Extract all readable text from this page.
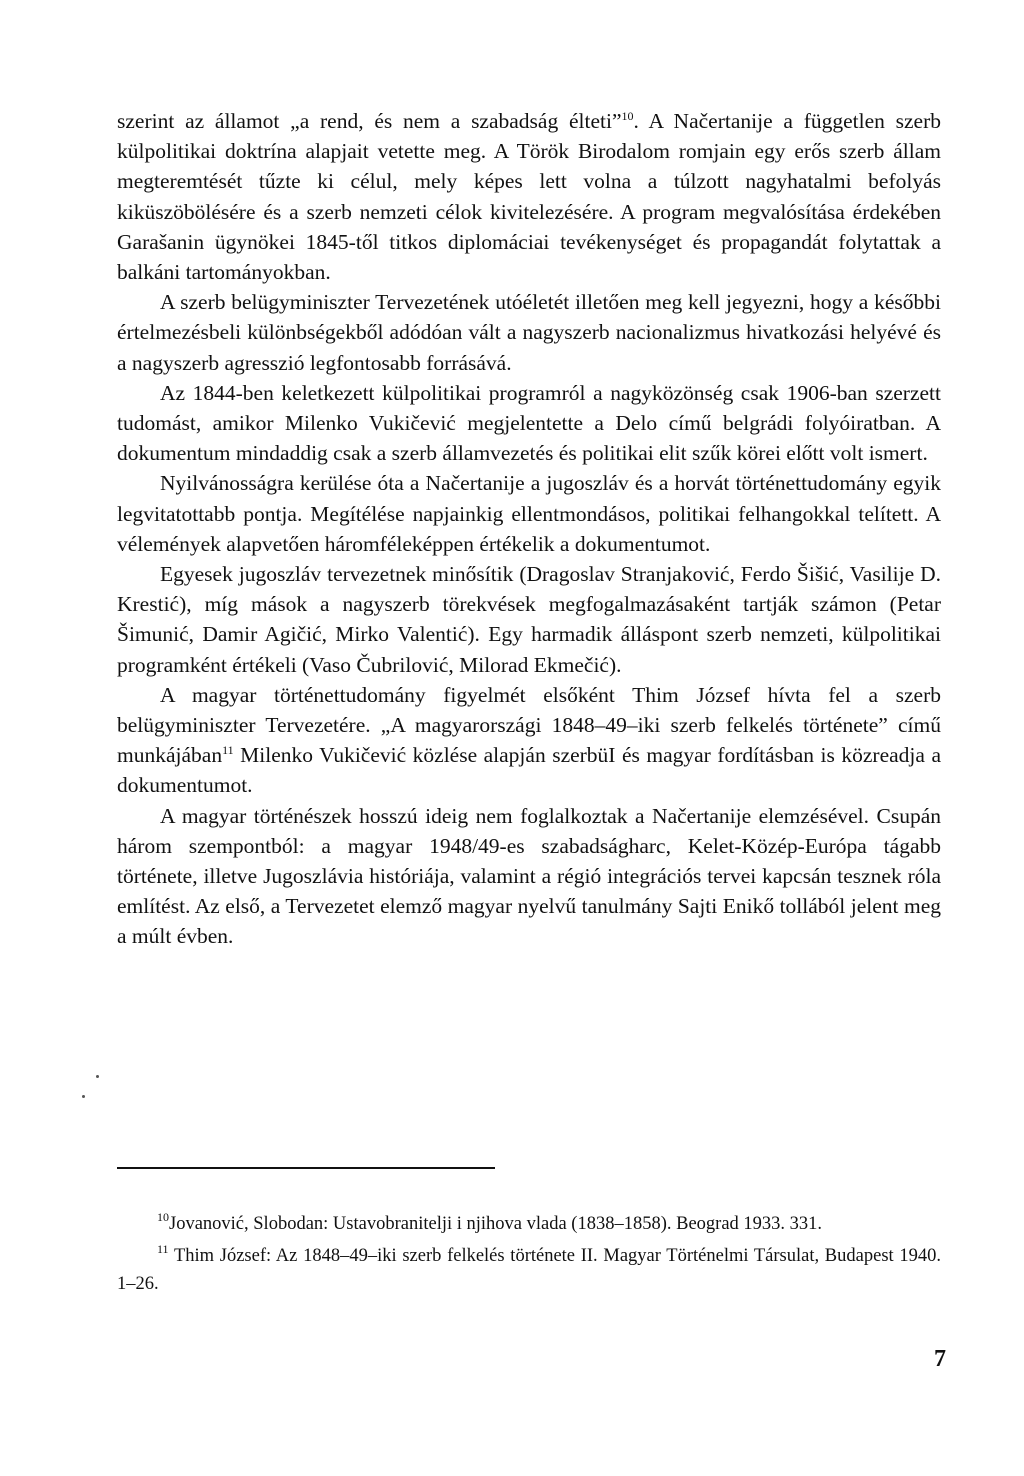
szerint az államot „a rend, és nem a szabadság élteti”$^{10}$. A Načertanije a független szerb külpolitikai doktrína alapjait vetette meg. A Török Birodalom romjain egy erős szerb állam megteremtését tűzte ki célul, mely képes lett volna a túlzott nagyhatalmi befolyás kiküszöbölésére és a szerb nemzeti célok kivitelezésére. A program megvalósítása érdekében Garašanin ügynökei 1845-től titkos diplomáciai tevékenységet és propagandát folytattak a balkáni tartományokban.

A szerb belügyminiszter Tervezetének utóéletét illetően meg kell jegyezni, hogy a későbbi értelmezésbeli különbségekből adódóan vált a nagyszerb nacionalizmus hivatkozási helyévé és a nagyszerb agresszió legfontosabb forrásává.

Az 1844-ben keletkezett külpolitikai programról a nagyközönség csak 1906-ban szerzett tudomást, amikor Milenko Vukičević megjelentette a Delo című belgrádi folyóiratban. A dokumentum mindaddig csak a szerb államvezetés és politikai elit szűk körei előtt volt ismert.

Nyilvánosságra kerülése óta a Načertanije a jugoszláv és a horvát történettudomány egyik legvitatottabb pontja. Megítélése napjainkig ellentmondásos, politikai felhangokkal telített. A vélemények alapvetően háromféleképpen értékelik a dokumentumot.

Egyesek jugoszláv tervezetnek minősítik (Dragoslav Stranjaković, Ferdo Šišić, Vasilije D. Krestić), míg mások a nagyszerb törekvések megfogalmazásaként tartják számon (Petar Šimunić, Damir Agičić, Mirko Valentić). Egy harmadik álláspont szerb nemzeti, külpolitikai programként értékeli (Vaso Čubrilović, Milorad Ekmečić).

A magyar történettudomány figyelmét elsőként Thim József hívta fel a szerb belügyminiszter Tervezetére. „A magyarországi 1848–49–iki szerb felkelés története” című munkájában$^{11}$ Milenko Vukičević közlése alapján szerbüI és magyar fordításban is közreadja a dokumentumot.

A magyar történészek hosszú ideig nem foglalkoztak a Načertanije elemzésével. Csupán három szempontból: a magyar 1948/49-es szabadságharc, Kelet-Közép-Európa tágabb története, illetve Jugoszlávia históriája, valamint a régió integrációs tervei kapcsán tesznek róla említést. Az első, a Tervezetet elemző magyar nyelvű tanulmány Sajti Enikő tollából jelent meg a múlt évben.

$^{10}$Jovanović, Slobodan: Ustavobranitelji i njihova vlada (1838–1858). Beograd 1933. 331.

$^{11}$ Thim József: Az 1848–49–iki szerb felkelés története II. Magyar Történelmi Társulat, Budapest 1940. 1–26.

7
